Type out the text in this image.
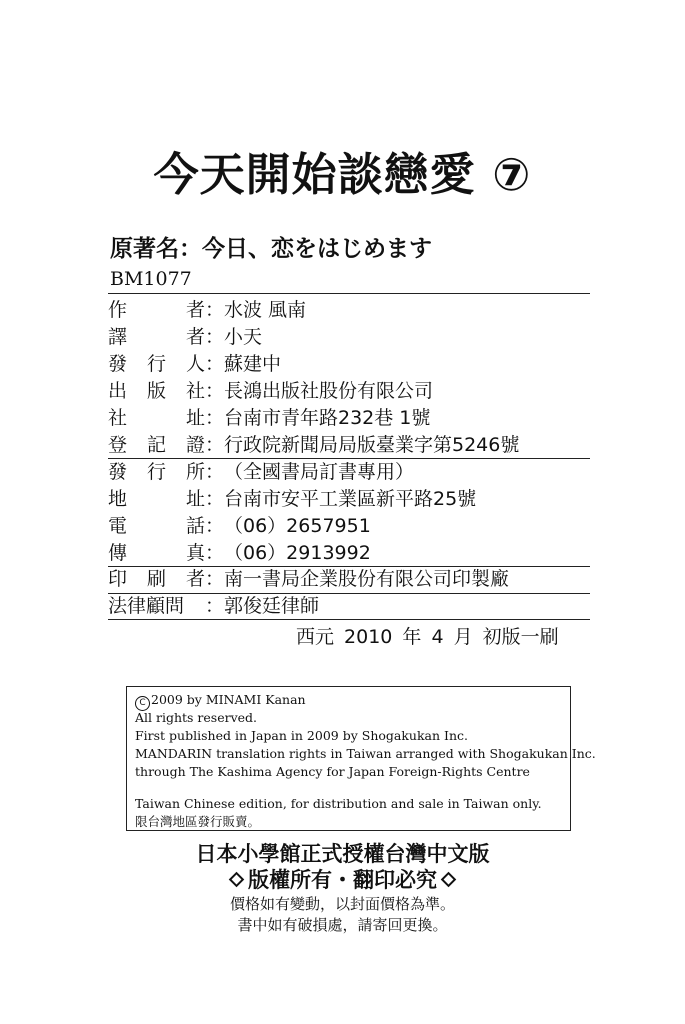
今天開始談戀愛 ⑦
原著名：今日、恋をはじめます
BM1077
作	者 ： 水波 風南
譯	者 ： 小天
發 行 人 ： 蘇建中
出 版 社 ： 長鴻出版社股份有限公司
社	址 ： 台南市青年路232巷 1號
登 記 證 ： 行政院新聞局局版臺業字第5246號
發 行 所 ： （全國書局訂書專用）
地	址 ： 台南市安平工業區新平路25號
電	話 ： （06）2657951
傳	真 ： （06）2913992
印 刷 者 ： 南一書局企業股份有限公司印製廠
法律顧問 ： 郭俊廷律師
西元 2010 年 4 月 初版一刷
C 2009 by MINAMI Kanan
All rights reserved.
First published in Japan in 2009 by Shogakukan Inc.
MANDARIN translation rights in Taiwan arranged with Shogakukan Inc.
through The Kashima Agency for Japan Foreign-Rights Centre
Taiwan Chinese edition, for distribution and sale in Taiwan only.
限台灣地區發行販賣。
日本小學館正式授權台灣中文版
版權所有・翻印必究
價格如有變動，以封面價格為準。
書中如有破損處，請寄回更換。
